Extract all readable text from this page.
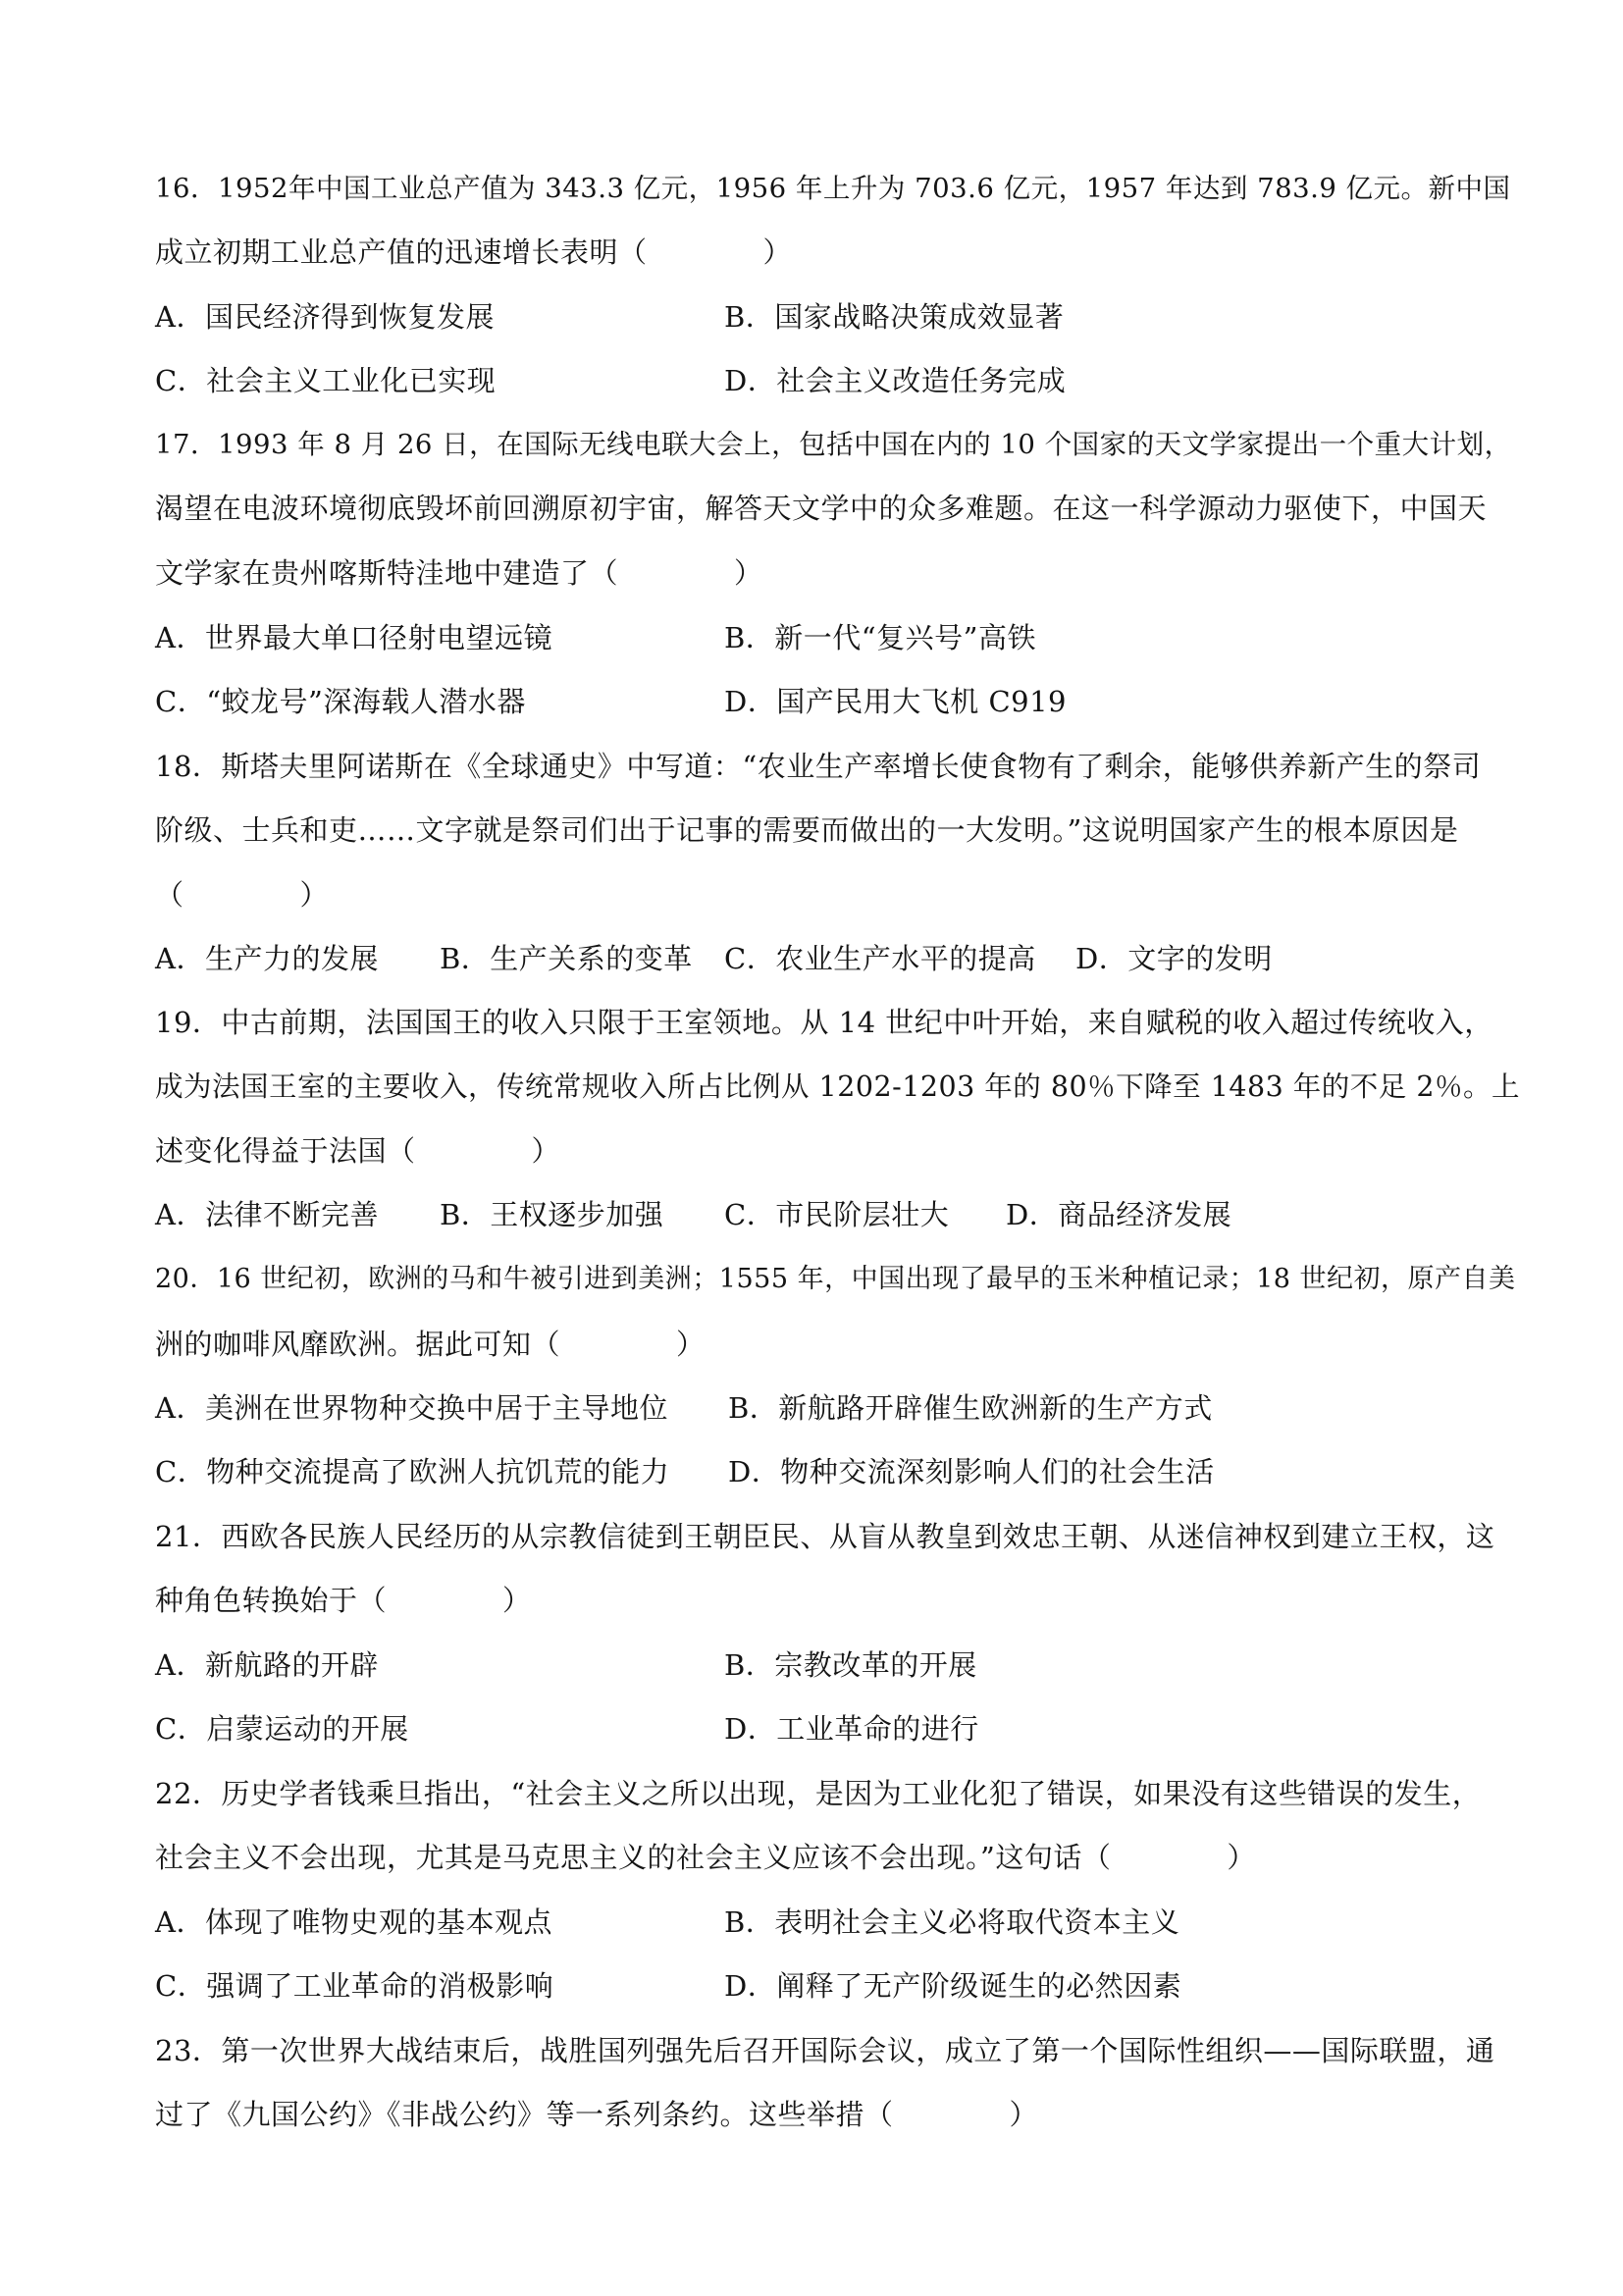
16．1952年中国工业总产值为 343.3 亿元，1956 年上升为 703.6 亿元，1957 年达到 783.9 亿元。新中国
成立初期工业总产值的迅速增长表明（　　　　）
A．国民经济得到恢复发展	B．国家战略决策成效显著
C．社会主义工业化已实现	D．社会主义改造任务完成
17．1993 年 8 月 26 日，在国际无线电联大会上，包括中国在内的 10 个国家的天文学家提出一个重大计划，
渴望在电波环境彻底毁坏前回溯原初宇宙，解答天文学中的众多难题。在这一科学源动力驱使下，中国天
文学家在贵州喀斯特洼地中建造了（　　　　）
A．世界最大单口径射电望远镜	B．新一代“复兴号”高铁
C．“蛟龙号”深海载人潜水器	D．国产民用大飞机 C919
18．斯塔夫里阿诺斯在《全球通史》中写道：“农业生产率增长使食物有了剩余，能够供养新产生的祭司
阶级、士兵和吏……文字就是祭司们出于记事的需要而做出的一大发明。”这说明国家产生的根本原因是
（　　　　）
A．生产力的发展 B．生产关系的变革 C．农业生产水平的提高 D．文字的发明
19．中古前期，法国国王的收入只限于王室领地。从 14 世纪中叶开始，来自赋税的收入超过传统收入，
成为法国王室的主要收入，传统常规收入所占比例从 1202-1203 年的 80％下降至 1483 年的不足 2％。上
述变化得益于法国（　　　　）
A．法律不断完善 B．王权逐步加强 C．市民阶层壮大 D．商品经济发展
20．16 世纪初，欧洲的马和牛被引进到美洲；1555 年，中国出现了最早的玉米种植记录；18 世纪初，原产自美
洲的咖啡风靡欧洲。据此可知（　　　　）
A．美洲在世界物种交换中居于主导地位 B．新航路开辟催生欧洲新的生产方式
C．物种交流提高了欧洲人抗饥荒的能力 D．物种交流深刻影响人们的社会生活
21．西欧各民族人民经历的从宗教信徒到王朝臣民、从盲从教皇到效忠王朝、从迷信神权到建立王权，这
种角色转换始于（　　　　）
A．新航路的开辟	B．宗教改革的开展
C．启蒙运动的开展	D．工业革命的进行
22．历史学者钱乘旦指出，“社会主义之所以出现，是因为工业化犯了错误，如果没有这些错误的发生，
社会主义不会出现，尤其是马克思主义的社会主义应该不会出现。”这句话（　　　　）
A．体现了唯物史观的基本观点	B．表明社会主义必将取代资本主义
C．强调了工业革命的消极影响	D．阐释了无产阶级诞生的必然因素
23．第一次世界大战结束后，战胜国列强先后召开国际会议，成立了第一个国际性组织——国际联盟，通
过了《九国公约》《非战公约》等一系列条约。这些举措（　　　　）
